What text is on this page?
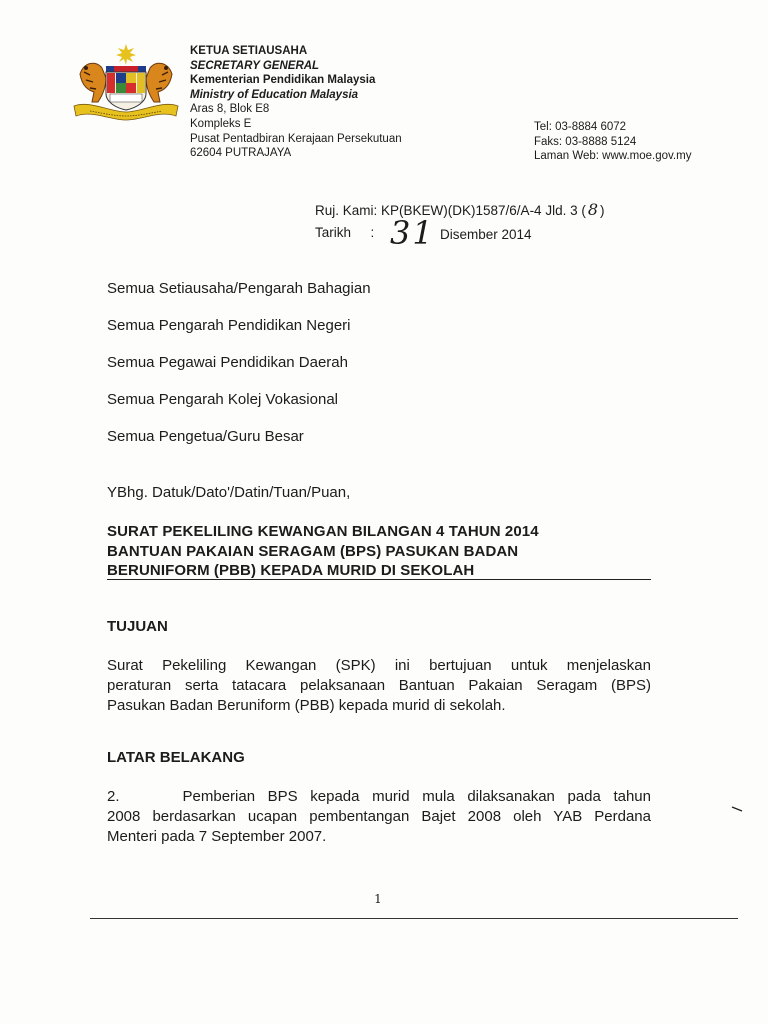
KETUA SETIAUSAHA
SECRETARY GENERAL
Kementerian Pendidikan Malaysia
Ministry of Education Malaysia
Aras 8, Blok E8
Kompleks E
Pusat Pentadbiran Kerajaan Persekutuan
62604 PUTRAJAYA
Tel: 03-8884 6072
Faks: 03-8888 5124
Laman Web: www.moe.gov.my
Ruj. Kami: KP(BKEW)(DK)1587/6/A-4 Jld. 3 ( 8 )
Tarikh : 31 Disember 2014
Semua Setiausaha/Pengarah Bahagian
Semua Pengarah Pendidikan Negeri
Semua Pegawai Pendidikan Daerah
Semua Pengarah Kolej Vokasional
Semua Pengetua/Guru Besar
YBhg. Datuk/Dato'/Datin/Tuan/Puan,
SURAT PEKELILING KEWANGAN BILANGAN 4 TAHUN 2014
BANTUAN PAKAIAN SERAGAM (BPS) PASUKAN BADAN
BERUNIFORM (PBB) KEPADA MURID DI SEKOLAH
TUJUAN
Surat Pekeliling Kewangan (SPK) ini bertujuan untuk menjelaskan
peraturan serta tatacara pelaksanaan Bantuan Pakaian Seragam (BPS)
Pasukan Badan Beruniform (PBB) kepada murid di sekolah.
LATAR BELAKANG
2.     Pemberian BPS kepada murid mula dilaksanakan pada tahun
2008 berdasarkan ucapan pembentangan Bajet 2008 oleh YAB Perdana
Menteri pada 7 September 2007.
1
